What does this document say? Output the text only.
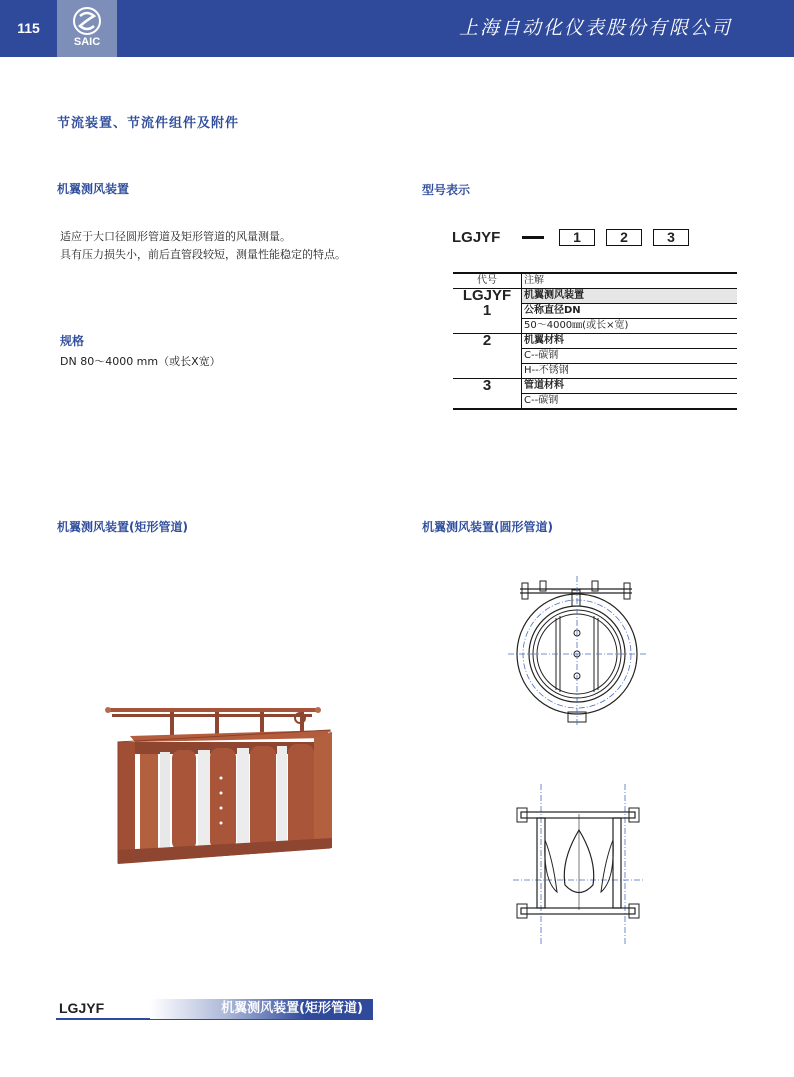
115
SAIC
上海自动化仪表股份有限公司
节流装置、节流件组件及附件
机翼测风装置
适应于大口径圆形管道及矩形管道的风量测量。
具有压力损失小，前后直管段较短，测量性能稳定的特点。
规格
DN 80～4000 mm（或长X宽）
型号表示
LGJYF	1	2	3
代号	注解
LGJYF	机翼测风装置
1	公称直径DN
	50～4000㎜(或长×宽)
2	机翼材料
	C--碳钢
	H--不锈钢
3	管道材料
	C--碳钢
机翼测风装置(矩形管道)	机翼测风装置(圆形管道)
LGJYF	机翼测风装置(矩形管道)
